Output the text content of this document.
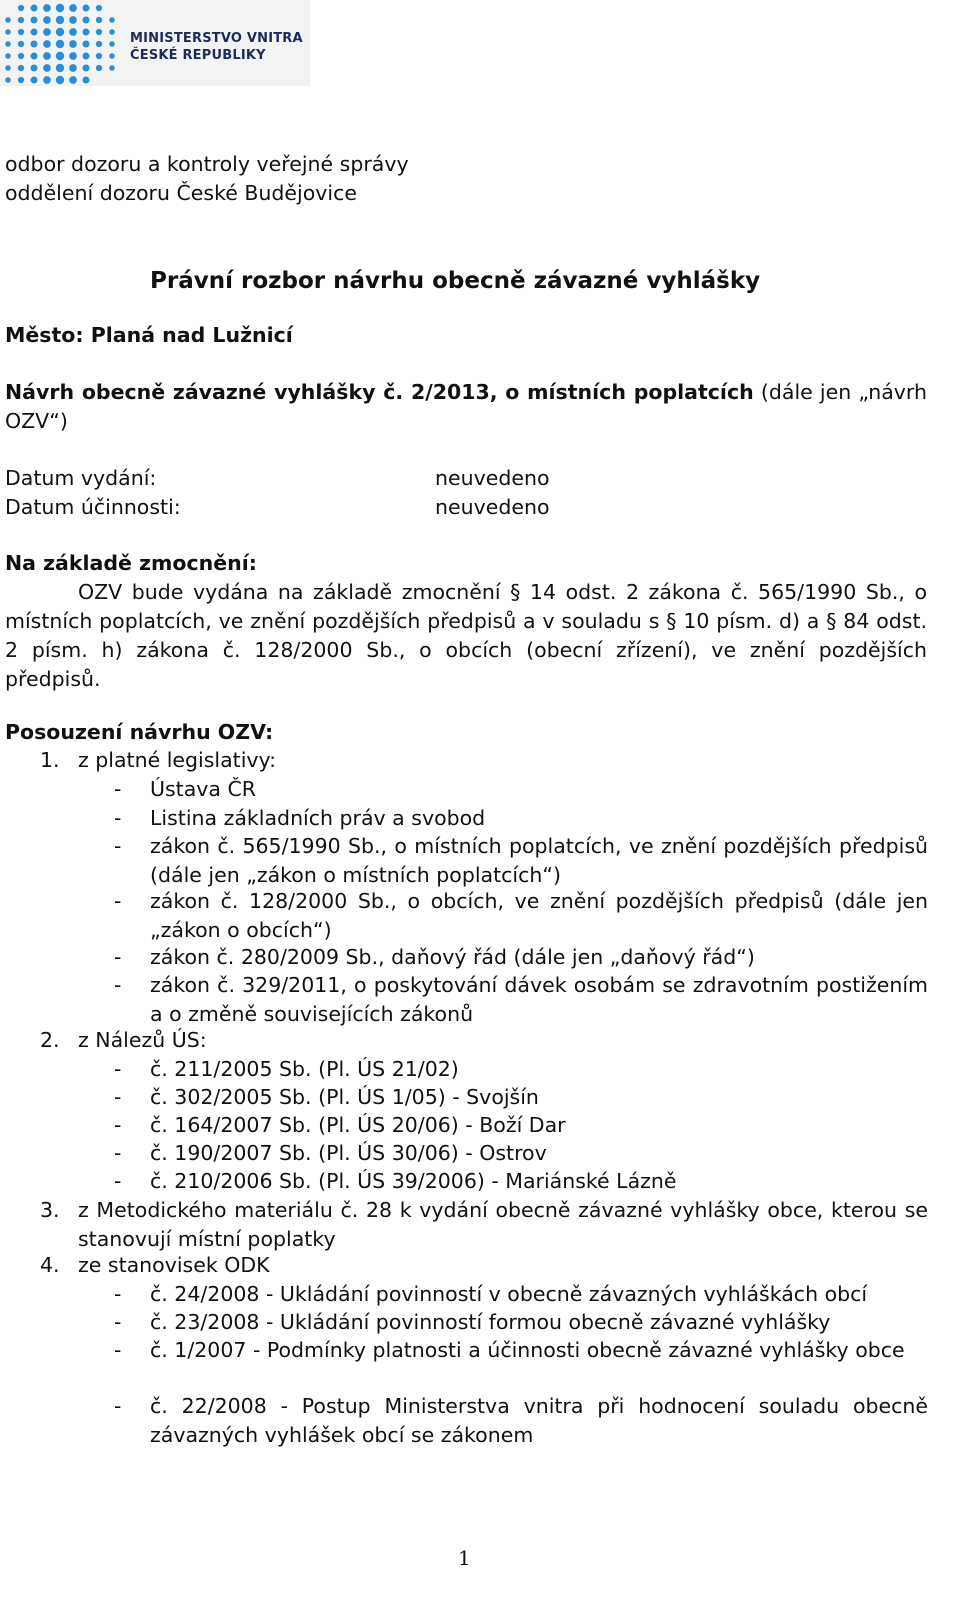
MINISTERSTVO VNITRA
ČESKÉ REPUBLIKY
odbor dozoru a kontroly veřejné správy
oddělení dozoru České Budějovice
Právní rozbor návrhu obecně závazné vyhlášky
Město: Planá nad Lužnicí
Návrh obecně závazné vyhlášky č. 2/2013, o místních poplatcích (dále jen „návrh OZV“)
Datum vydání:	neuvedeno
Datum účinnosti:	neuvedeno
Na základě zmocnění:
OZV bude vydána na základě zmocnění § 14 odst. 2 zákona č. 565/1990 Sb., o místních poplatcích, ve znění pozdějších předpisů a v souladu s § 10 písm. d) a § 84 odst. 2 písm. h) zákona č. 128/2000 Sb., o obcích (obecní zřízení), ve znění pozdějších předpisů.
Posouzení návrhu OZV:
1. z platné legislativy:
- Ústava ČR
- Listina základních práv a svobod
- zákon č. 565/1990 Sb., o místních poplatcích, ve znění pozdějších předpisů (dále jen „zákon o místních poplatcích“)
- zákon č. 128/2000 Sb., o obcích, ve znění pozdějších předpisů (dále jen „zákon o obcích“)
- zákon č. 280/2009 Sb., daňový řád (dále jen „daňový řád“)
- zákon č. 329/2011, o poskytování dávek osobám se zdravotním postižením a o změně souvisejících zákonů
2. z Nálezů ÚS:
- č. 211/2005 Sb. (Pl. ÚS 21/02)
- č. 302/2005 Sb. (Pl. ÚS 1/05) - Svojšín
- č. 164/2007 Sb. (Pl. ÚS 20/06) - Boží Dar
- č. 190/2007 Sb. (Pl. ÚS 30/06) - Ostrov
- č. 210/2006 Sb. (Pl. ÚS 39/2006) - Mariánské Lázně
3. z Metodického materiálu č. 28 k vydání obecně závazné vyhlášky obce, kterou se stanovují místní poplatky
4. ze stanovisek ODK
- č. 24/2008 - Ukládání povinností v obecně závazných vyhláškách obcí
- č. 23/2008 - Ukládání povinností formou obecně závazné vyhlášky
- č. 1/2007 - Podmínky platnosti a účinnosti obecně závazné vyhlášky obce
- č. 22/2008 - Postup Ministerstva vnitra při hodnocení souladu obecně závazných vyhlášek obcí se zákonem
1
